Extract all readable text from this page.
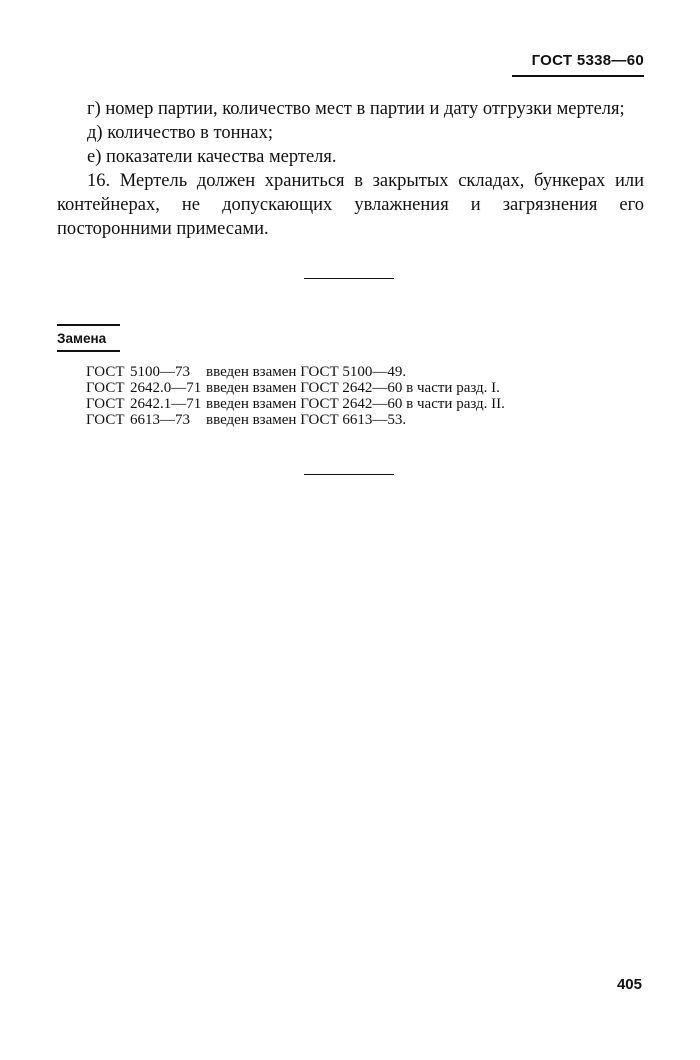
ГОСТ 5338—60

г) номер партии, количество мест в партии и дату отгрузки мертеля;

д) количество в тоннах;

е) показатели качества мертеля.

16. Мертель должен храниться в закрытых складах, бункерах или контейнерах, не допускающих увлажнения и загрязнения его посторонними примесами.

Замена
ГОСТ 5100—73	введен взамен ГОСТ 5100—49.
ГОСТ 2642.0—71 введен взамен ГОСТ 2642—60 в части разд. I.
ГОСТ 2642.1—71 введен взамен ГОСТ 2642—60 в части разд. II.
ГОСТ 6613—73	введен взамен ГОСТ 6613—53.
405
